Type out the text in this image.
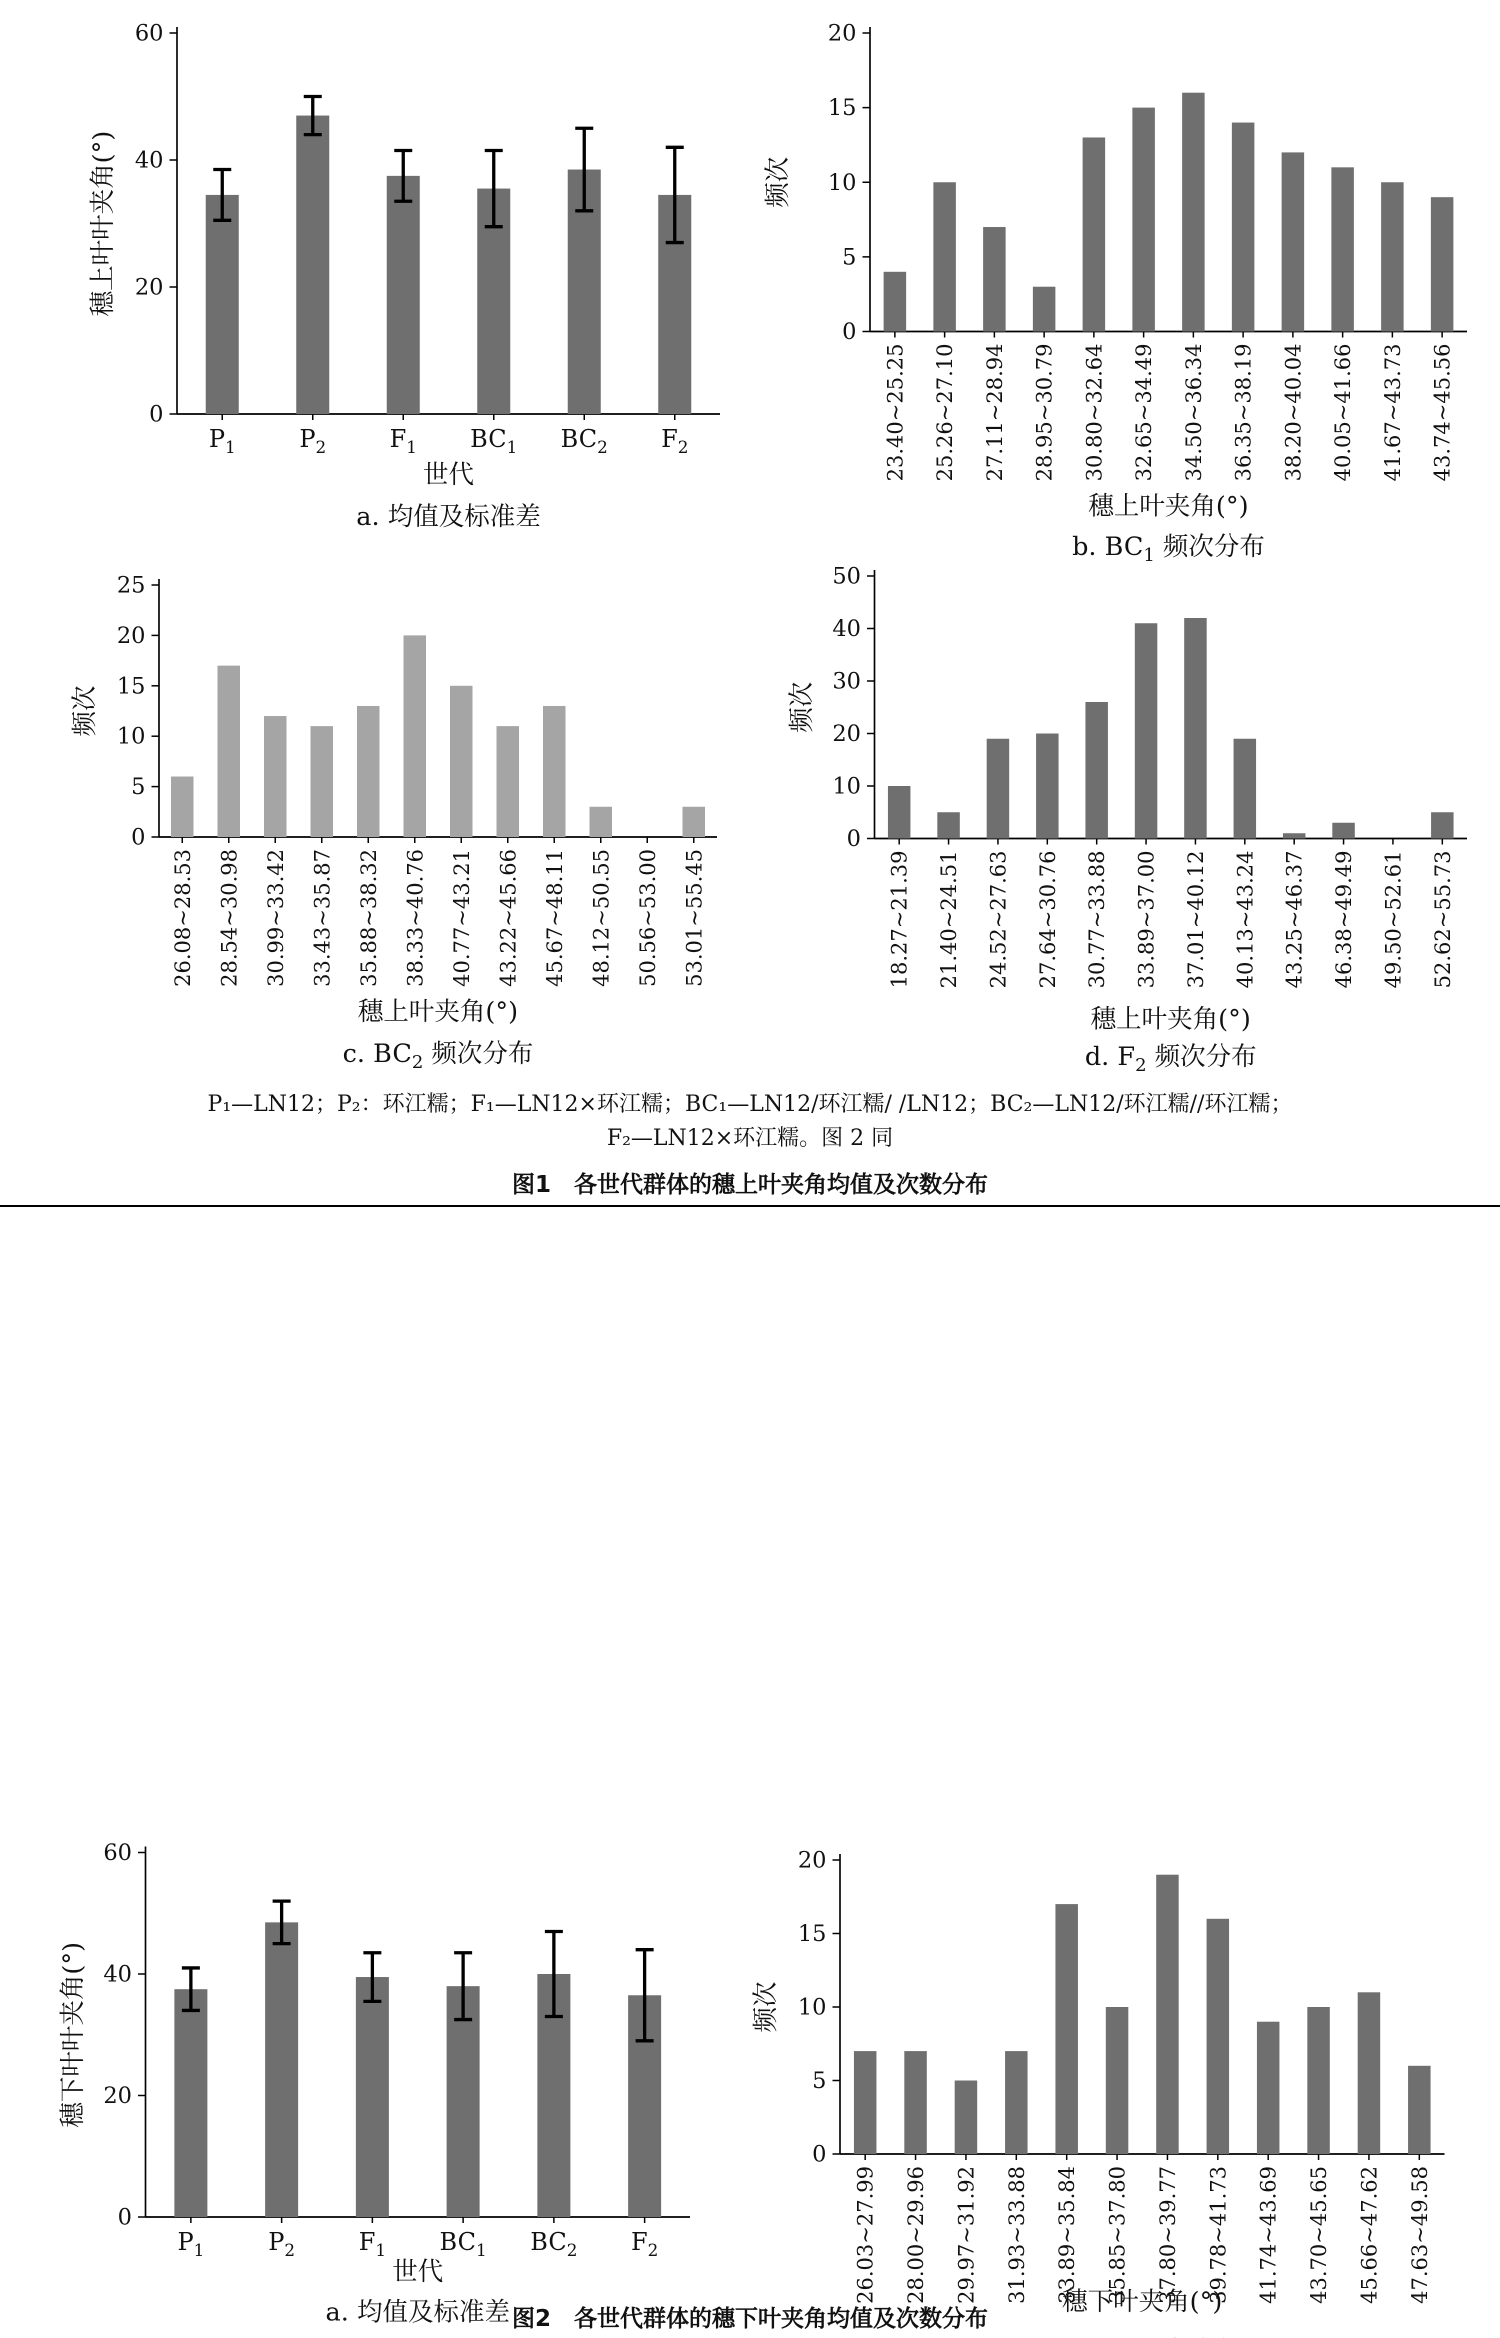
0
20
40
60
$P_1$	$P_2$	$F_1$	$BC_1$	$BC_2$	$F_2$
世代
穗上叶叶夹角(°)
a. 均值及标准差
0
5
10
15
20
23.40~25.25 25.26~27.10 27.11~28.94 28.95~30.79 30.80~32.64 32.65~34.49 34.50~36.34 36.35~38.19 38.20~40.04 40.05~41.66 41.67~43.73 43.74~45.56
穗上叶夹角(°)
频次
b. $BC_1$ 频次分布
0
5
10
15
20
25
26.08~28.53 28.54~30.98 30.99~33.42 33.43~35.87 35.88~38.32 38.33~40.76 40.77~43.21 43.22~45.66 45.67~48.11 48.12~50.55 50.56~53.00 53.01~55.45
穗上叶夹角(°)
频次
c. $BC_2$ 频次分布
0
10
20
30
40
50
18.27~21.39 21.40~24.51 24.52~27.63 27.64~30.76 30.77~33.88 33.89~37.00 37.01~40.12 40.13~43.24 43.25~46.37 46.38~49.49 49.50~52.61 52.62~55.73
穗上叶夹角(°)
频次
d. $F_2$ 频次分布
0
20
40
60
$P_1$	$P_2$	$F_1$	$BC_1$	$BC_2$	$F_2$
世代
穗下叶叶夹角(°)
a. 均值及标准差
0
5
10
15
20
26.03~27.99 28.00~29.96 29.97~31.92 31.93~33.88 33.89~35.84 35.85~37.80 37.80~39.77 39.78~41.73 41.74~43.69 43.70~45.65 45.66~47.62 47.63~49.58
穗下叶夹角(°)
频次
P₁—LN12；P₂：环江糯；F₁—LN12×环江糯；BC₁—LN12/环江糯/ /LN12；BC₂—LN12/环江糯//环江糯；
F₂—LN12×环江糯。图 2 同
图1　各世代群体的穗上叶夹角均值及次数分布
图2　各世代群体的穗下叶夹角均值及次数分布
